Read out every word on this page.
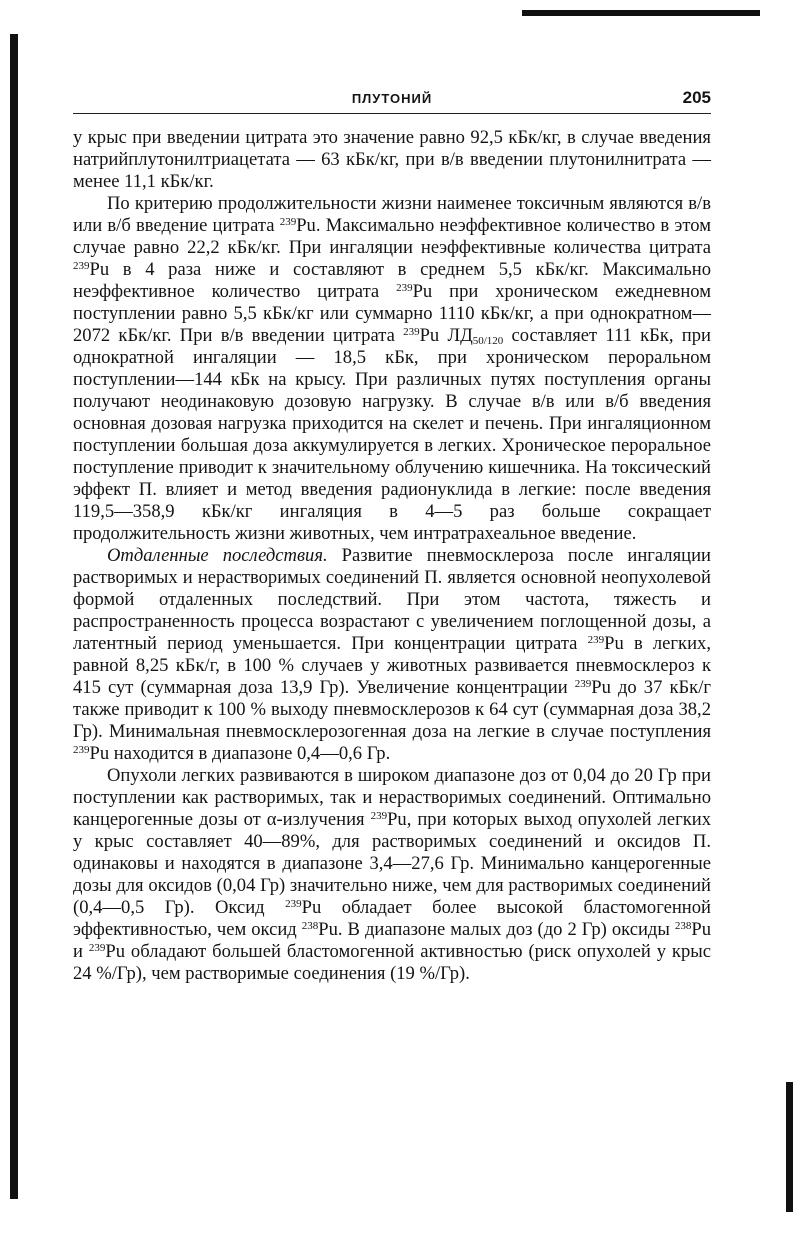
ПЛУТОНИЙ	205

у крыс при введении цитрата это значение равно 92,5 кБк/кг, в случае введения натрийплутонилтриацетата — 63 кБк/кг, при в/в введении плутонилнитрата — менее 11,1 кБк/кг.

По критерию продолжительности жизни наименее токсичным являются в/в или в/б введение цитрата $^{239}$Pu. Максимально неэффективное количество в этом случае равно 22,2 кБк/кг. При ингаляции неэффективные количества цитрата $^{239}$Pu в 4 раза ниже и составляют в среднем 5,5 кБк/кг. Максимально неэффективное количество цитрата $^{239}$Pu при хроническом ежедневном поступлении равно 5,5 кБк/кг или суммарно 1110 кБк/кг, а при однократном—2072 кБк/кг. При в/в введении цитрата $^{239}$Pu $ЛД_{50/120}$ составляет 111 кБк, при однократной ингаляции — 18,5 кБк, при хроническом пероральном поступлении—144 кБк на крысу. При различных путях поступления органы получают неодинаковую дозовую нагрузку. В случае в/в или в/б введения основная дозовая нагрузка приходится на скелет и печень. При ингаляционном поступлении большая доза аккумулируется в легких. Хроническое пероральное поступление приводит к значительному облучению кишечника. На токсический эффект П. влияет и метод введения радионуклида в легкие: после введения 119,5—358,9 кБк/кг ингаляция в 4—5 раз больше сокращает продолжительность жизни животных, чем интратрахеальное введение.

Отдаленные последствия. Развитие пневмосклероза после ингаляции растворимых и нерастворимых соединений П. является основной неопухолевой формой отдаленных последствий. При этом частота, тяжесть и распространенность процесса возрастают с увеличением поглощенной дозы, а латентный период уменьшается. При концентрации цитрата $^{239}$Pu в легких, равной 8,25 кБк/г, в 100 % случаев у животных развивается пневмосклероз к 415 сут (суммарная доза 13,9 Гр). Увеличение концентрации $^{239}$Pu до 37 кБк/г также приводит к 100 % выходу пневмосклерозов к 64 сут (суммарная доза 38,2 Гр). Минимальная пневмосклерозогенная доза на легкие в случае поступления $^{239}$Pu находится в диапазоне 0,4—0,6 Гр.

Опухоли легких развиваются в широком диапазоне доз от 0,04 до 20 Гр при поступлении как растворимых, так и нерастворимых соединений. Оптимально канцерогенные дозы от α-излучения $^{239}$Pu, при которых выход опухолей легких у крыс составляет 40—89%, для растворимых соединений и оксидов П. одинаковы и находятся в диапазоне 3,4—27,6 Гр. Минимально канцерогенные дозы для оксидов (0,04 Гр) значительно ниже, чем для растворимых соединений (0,4—0,5 Гр). Оксид $^{239}$Pu обладает более высокой бластомогенной эффективностью, чем оксид $^{238}$Pu. В диапазоне малых доз (до 2 Гр) оксиды $^{238}$Pu и $^{239}$Pu обладают большей бластомогенной активностью (риск опухолей у крыс 24 %/Гр), чем растворимые соединения (19 %/Гр).
